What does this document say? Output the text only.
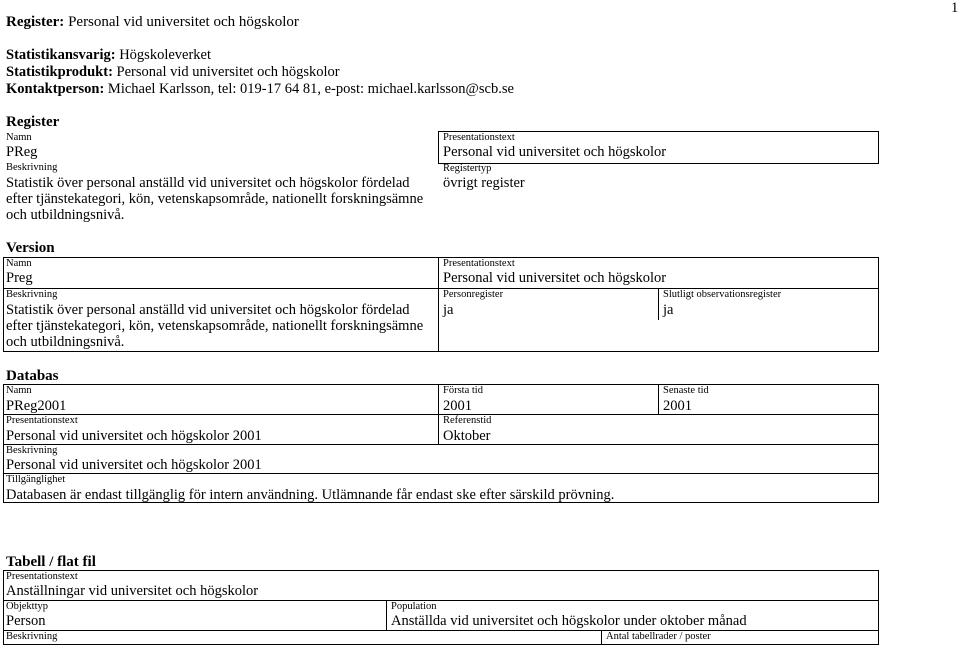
1
Register: Personal vid universitet och högskolor
Statistikansvarig: Högskoleverket
Statistikprodukt: Personal vid universitet och högskolor
Kontaktperson: Michael Karlsson, tel: 019-17 64 81, e-post: michael.karlsson@scb.se
Register
Namn
PReg
Beskrivning
Statistik över personal anställd vid universitet och högskolor fördelad efter tjänstekategori, kön, vetenskapsområde, nationellt forskningsämne och utbildningsnivå.
Presentationstext
Personal vid universitet och högskolor
Registertyp
övrigt register
Version
Namn
Preg
Beskrivning
Statistik över personal anställd vid universitet och högskolor fördelad efter tjänstekategori, kön, vetenskapsområde, nationellt forskningsämne och utbildningsnivå.
Presentationstext
Personal vid universitet och högskolor
Personregister
ja
Slutligt observationsregister
ja
Databas
Namn
PReg2001
Första tid
2001
Senaste tid
2001
Presentationstext
Personal vid universitet och högskolor 2001
Referenstid
Oktober
Beskrivning
Personal vid universitet och högskolor 2001
Tillgänglighet
Databasen är endast tillgänglig för intern användning. Utlämnande får endast ske efter särskild prövning.
Tabell / flat fil
Presentationstext
Anställningar vid universitet och högskolor
Objekttyp
Person
Population
Anställda vid universitet och högskolor under oktober månad
Beskrivning	Antal tabellrader / poster
